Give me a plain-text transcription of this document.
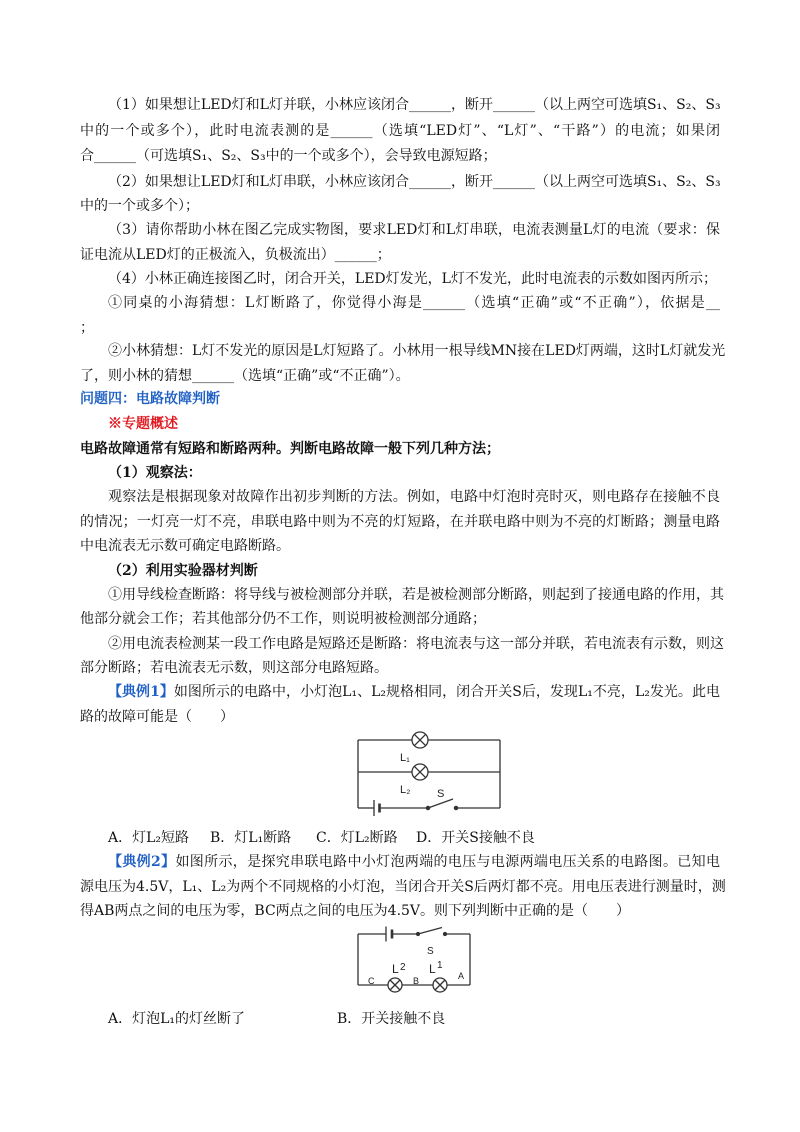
（1）如果想让LED灯和L灯并联，小林应该闭合______，断开______（以上两空可选填S₁、S₂、S₃
中的一个或多个），此时电流表测的是______（选填“LED灯”、“L灯”、“干路”）的电流；如果闭
合______（可选填S₁、S₂、S₃中的一个或多个），会导致电源短路；
（2）如果想让LED灯和L灯串联，小林应该闭合______，断开______（以上两空可选填S₁、S₂、S₃
中的一个或多个）；
（3）请你帮助小林在图乙完成实物图，要求LED灯和L灯串联，电流表测量L灯的电流（要求：保
证电流从LED灯的正极流入，负极流出）______；
（4）小林正确连接图乙时，闭合开关，LED灯发光，L灯不发光，此时电流表的示数如图丙所示；
①同桌的小海猜想：L灯断路了，你觉得小海是______（选填“正确”或“不正确”），依据是__
；
②小林猜想：L灯不发光的原因是L灯短路了。小林用一根导线MN接在LED灯两端，这时L灯就发光
了，则小林的猜想______（选填“正确”或“不正确”）。
问题四：电路故障判断
※专题概述
电路故障通常有短路和断路两种。判断电路故障一般下列几种方法；
（1）观察法：
观察法是根据现象对故障作出初步判断的方法。例如，电路中灯泡时亮时灭，则电路存在接触不良
的情况；一灯亮一灯不亮，串联电路中则为不亮的灯短路，在并联电路中则为不亮的灯断路；测量电路
中电流表无示数可确定电路断路。
（2）利用实验器材判断
①用导线检查断路：将导线与被检测部分并联，若是被检测部分断路，则起到了接通电路的作用，其
他部分就会工作；若其他部分仍不工作，则说明被检测部分通路；
②用电流表检测某一段工作电路是短路还是断路：将电流表与这一部分并联，若电流表有示数，则这
部分断路；若电流表无示数，则这部分电路短路。
【典例1】如图所示的电路中，小灯泡L₁、L₂规格相同，闭合开关S后，发现L₁不亮，L₂发光。此电
路的故障可能是（　　）
L₁
L₂ S
A．灯L₂短路 B．灯L₁断路 C．灯L₂断路 D．开关S接触不良
【典例2】如图所示，是探究串联电路中小灯泡两端的电压与电源两端电压关系的电路图。已知电
源电压为4.5V，L₁、L₂为两个不同规格的小灯泡，当闭合开关S后两灯都不亮。用电压表进行测量时，测
得AB两点之间的电压为零，BC两点之间的电压为4.5V。则下列判断中正确的是（　　）
S
L 2 L 1
C	B	A
A．灯泡L₁的灯丝断了	B．开关接触不良
